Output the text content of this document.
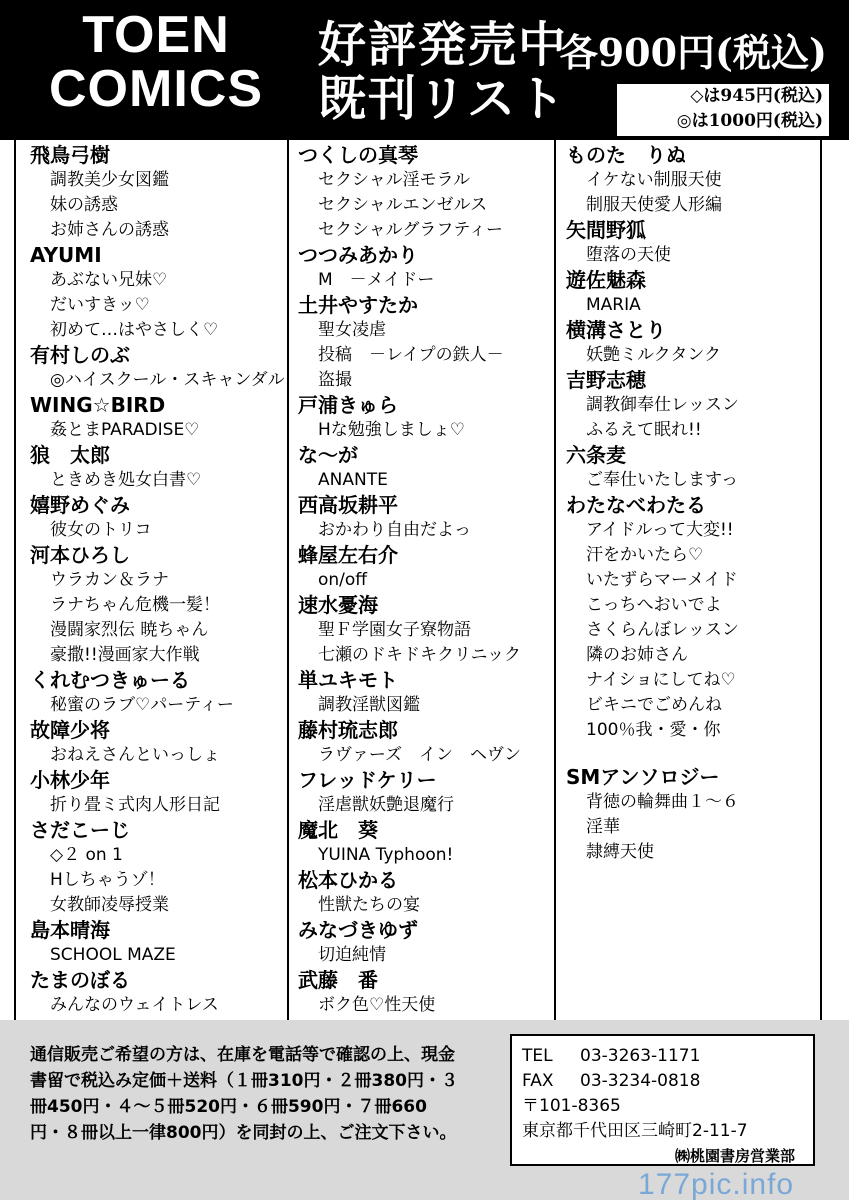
TOEN
COMICS
好評発売中
既刊リスト
各900円(税込)
◇は945円(税込)
◎は1000円(税込)
飛鳥弓樹
調教美少女図鑑
妹の誘惑
お姉さんの誘惑
AYUMI
あぶない兄妹♡
だいすきッ♡
初めて…はやさしく♡
有村しのぶ
◎ハイスクール・スキャンダル
WING☆BIRD
姦とまPARADISE♡
狼　太郎
ときめき処女白書♡
嬉野めぐみ
彼女のトリコ
河本ひろし
ウラカン＆ラナ
ラナちゃん危機一髪！
漫闘家烈伝 暁ちゃん
豪撒!!漫画家大作戦
くれむつきゅーる
秘蜜のラブ♡パーティー
故障少将
おねえさんといっしょ
小林少年
折り畳ミ式肉人形日記
さだこーじ
◇２ on 1
Hしちゃうゾ！
女教師凌辱授業
島本晴海
SCHOOL MAZE
たまのぼる
みんなのウェイトレス
つくしの真琴
セクシャル淫モラル
セクシャルエンゼルス
セクシャルグラフティー
つつみあかり
M　－メイドー
土井やすたか
聖女凌虐
投稿　－レイプの鉄人－
盗撮
戸浦きゅら
Hな勉強しましょ♡
な～が
ANANTE
西高坂耕平
おかわり自由だよっ
蜂屋左右介
on/off
速水憂海
聖Ｆ学園女子寮物語
七瀬のドキドキクリニック
単ユキモト
調教淫獣図鑑
藤村琉志郎
ラヴァーズ　イン　ヘヴン
フレッドケリー
淫虐獣妖艶退魔行
魔北　葵
YUINA Typhoon!
松本ひかる
性獣たちの宴
みなづきゆず
切迫純情
武藤　番
ボク色♡性天使
ものた　りぬ
イケない制服天使
制服天使愛人形編
矢間野狐
堕落の天使
遊佐魅森
MARIA
横溝さとり
妖艶ミルクタンク
吉野志穂
調教御奉仕レッスン
ふるえて眠れ!!
六条麦
ご奉仕いたしますっ
わたなべわたる
アイドルって大変!!
汗をかいたら♡
いたずらマーメイド
こっちへおいでよ
さくらんぼレッスン
隣のお姉さん
ナイショにしてね♡
ビキニでごめんね
100％我・愛・你
SMアンソロジー
背徳の輪舞曲１～６
淫華
隷縛天使
通信販売ご希望の方は、在庫を電話等で確認の上、現金書留で税込み定価＋送料（１冊310円・２冊380円・３冊450円・４～５冊520円・６冊590円・７冊660円・８冊以上一律800円）を同封の上、ご注文下さい。
TEL 03-3263-1171
FAX 03-3234-0818
〒101-8365
東京都千代田区三崎町2-11-7
㈱桃園書房営業部
177pic.info
